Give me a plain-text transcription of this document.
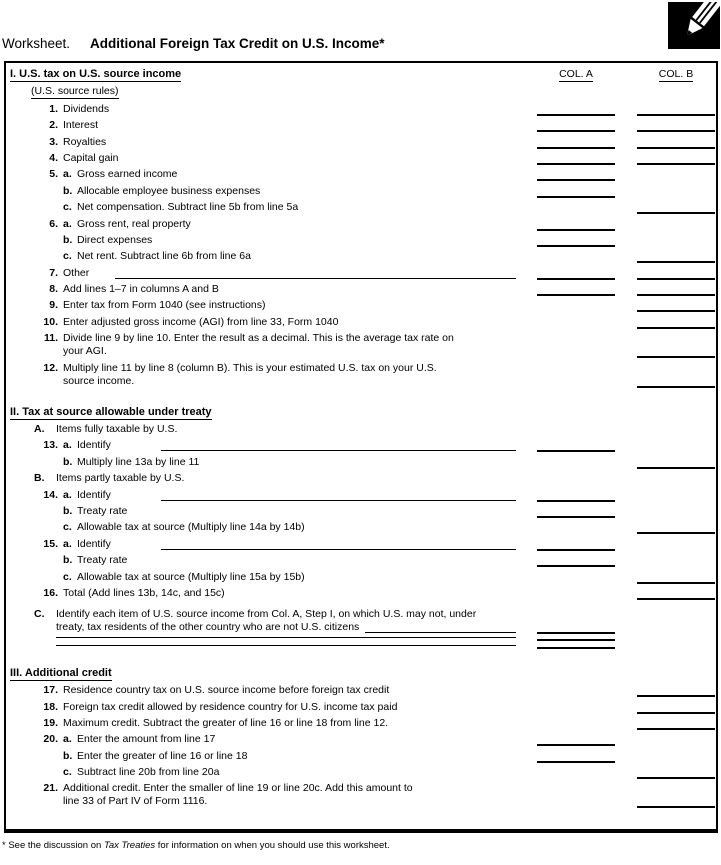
Worksheet. Additional Foreign Tax Credit on U.S. Income*
I. U.S. tax on U.S. source income	COL. A	COL. B
(U.S. source rules)
1. Dividends
2. Interest
3. Royalties
4. Capital gain
5. a. Gross earned income
b. Allocable employee business expenses
c. Net compensation. Subtract line 5b from line 5a
6. a. Gross rent, real property
b. Direct expenses
c. Net rent. Subtract line 6b from line 6a
7. Other
8. Add lines 1–7 in columns A and B
9. Enter tax from Form 1040 (see instructions)
10. Enter adjusted gross income (AGI) from line 33, Form 1040
11. Divide line 9 by line 10. Enter the result as a decimal. This is the average tax rate on
your AGI.
12. Multiply line 11 by line 8 (column B). This is your estimated U.S. tax on your U.S.
source income.
II. Tax at source allowable under treaty
A.	Items fully taxable by U.S.
13. a. Identify
b. Multiply line 13a by line 11
B.	Items partly taxable by U.S.
14. a. Identify
b. Treaty rate
c. Allowable tax at source (Multiply line 14a by 14b)
15. a. Identify
b. Treaty rate
c. Allowable tax at source (Multiply line 15a by 15b)
16. Total (Add lines 13b, 14c, and 15c)
C.	Identify each item of U.S. source income from Col. A, Step I, on which U.S. may not, under
treaty, tax residents of the other country who are not U.S. citizens
III. Additional credit
17. Residence country tax on U.S. source income before foreign tax credit
18. Foreign tax credit allowed by residence country for U.S. income tax paid
19. Maximum credit. Subtract the greater of line 16 or line 18 from line 12.
20. a. Enter the amount from line 17
b. Enter the greater of line 16 or line 18
c. Subtract line 20b from line 20a
21. Additional credit. Enter the smaller of line 19 or line 20c. Add this amount to
line 33 of Part IV of Form 1116.
* See the discussion on Tax Treaties for information on when you should use this worksheet.
